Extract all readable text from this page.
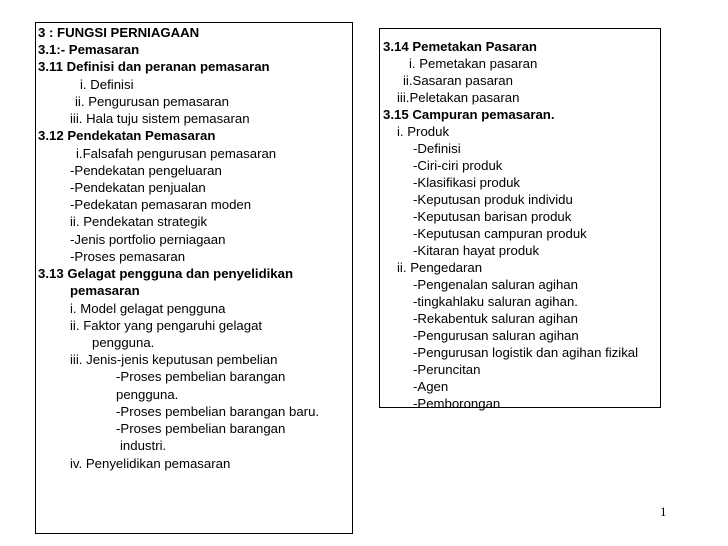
3 : FUNGSI PERNIAGAAN
3.1:- Pemasaran
3.11 Definisi dan peranan pemasaran
i. Definisi
ii. Pengurusan pemasaran
iii. Hala tuju sistem pemasaran
3.12 Pendekatan Pemasaran
i.Falsafah pengurusan pemasaran
-Pendekatan pengeluaran
-Pendekatan penjualan
-Pedekatan pemasaran moden
ii. Pendekatan strategik
-Jenis portfolio perniagaan
-Proses pemasaran
3.13 Gelagat pengguna dan penyelidikan
pemasaran
i. Model gelagat pengguna
ii. Faktor yang pengaruhi gelagat
pengguna.
iii. Jenis-jenis keputusan pembelian
-Proses pembelian barangan
pengguna.
-Proses pembelian barangan baru.
-Proses pembelian barangan
industri.
iv. Penyelidikan pemasaran
3.14 Pemetakan Pasaran
i. Pemetakan pasaran
ii.Sasaran pasaran
iii.Peletakan pasaran
3.15 Campuran pemasaran.
i. Produk
-Definisi
-Ciri-ciri produk
-Klasifikasi produk
-Keputusan produk individu
-Keputusan barisan produk
-Keputusan campuran produk
-Kitaran hayat produk
ii. Pengedaran
-Pengenalan saluran agihan
-tingkahlaku saluran agihan.
-Rekabentuk saluran agihan
-Pengurusan saluran agihan
-Pengurusan logistik dan agihan fizikal
-Peruncitan
-Agen
-Pemborongan
1
